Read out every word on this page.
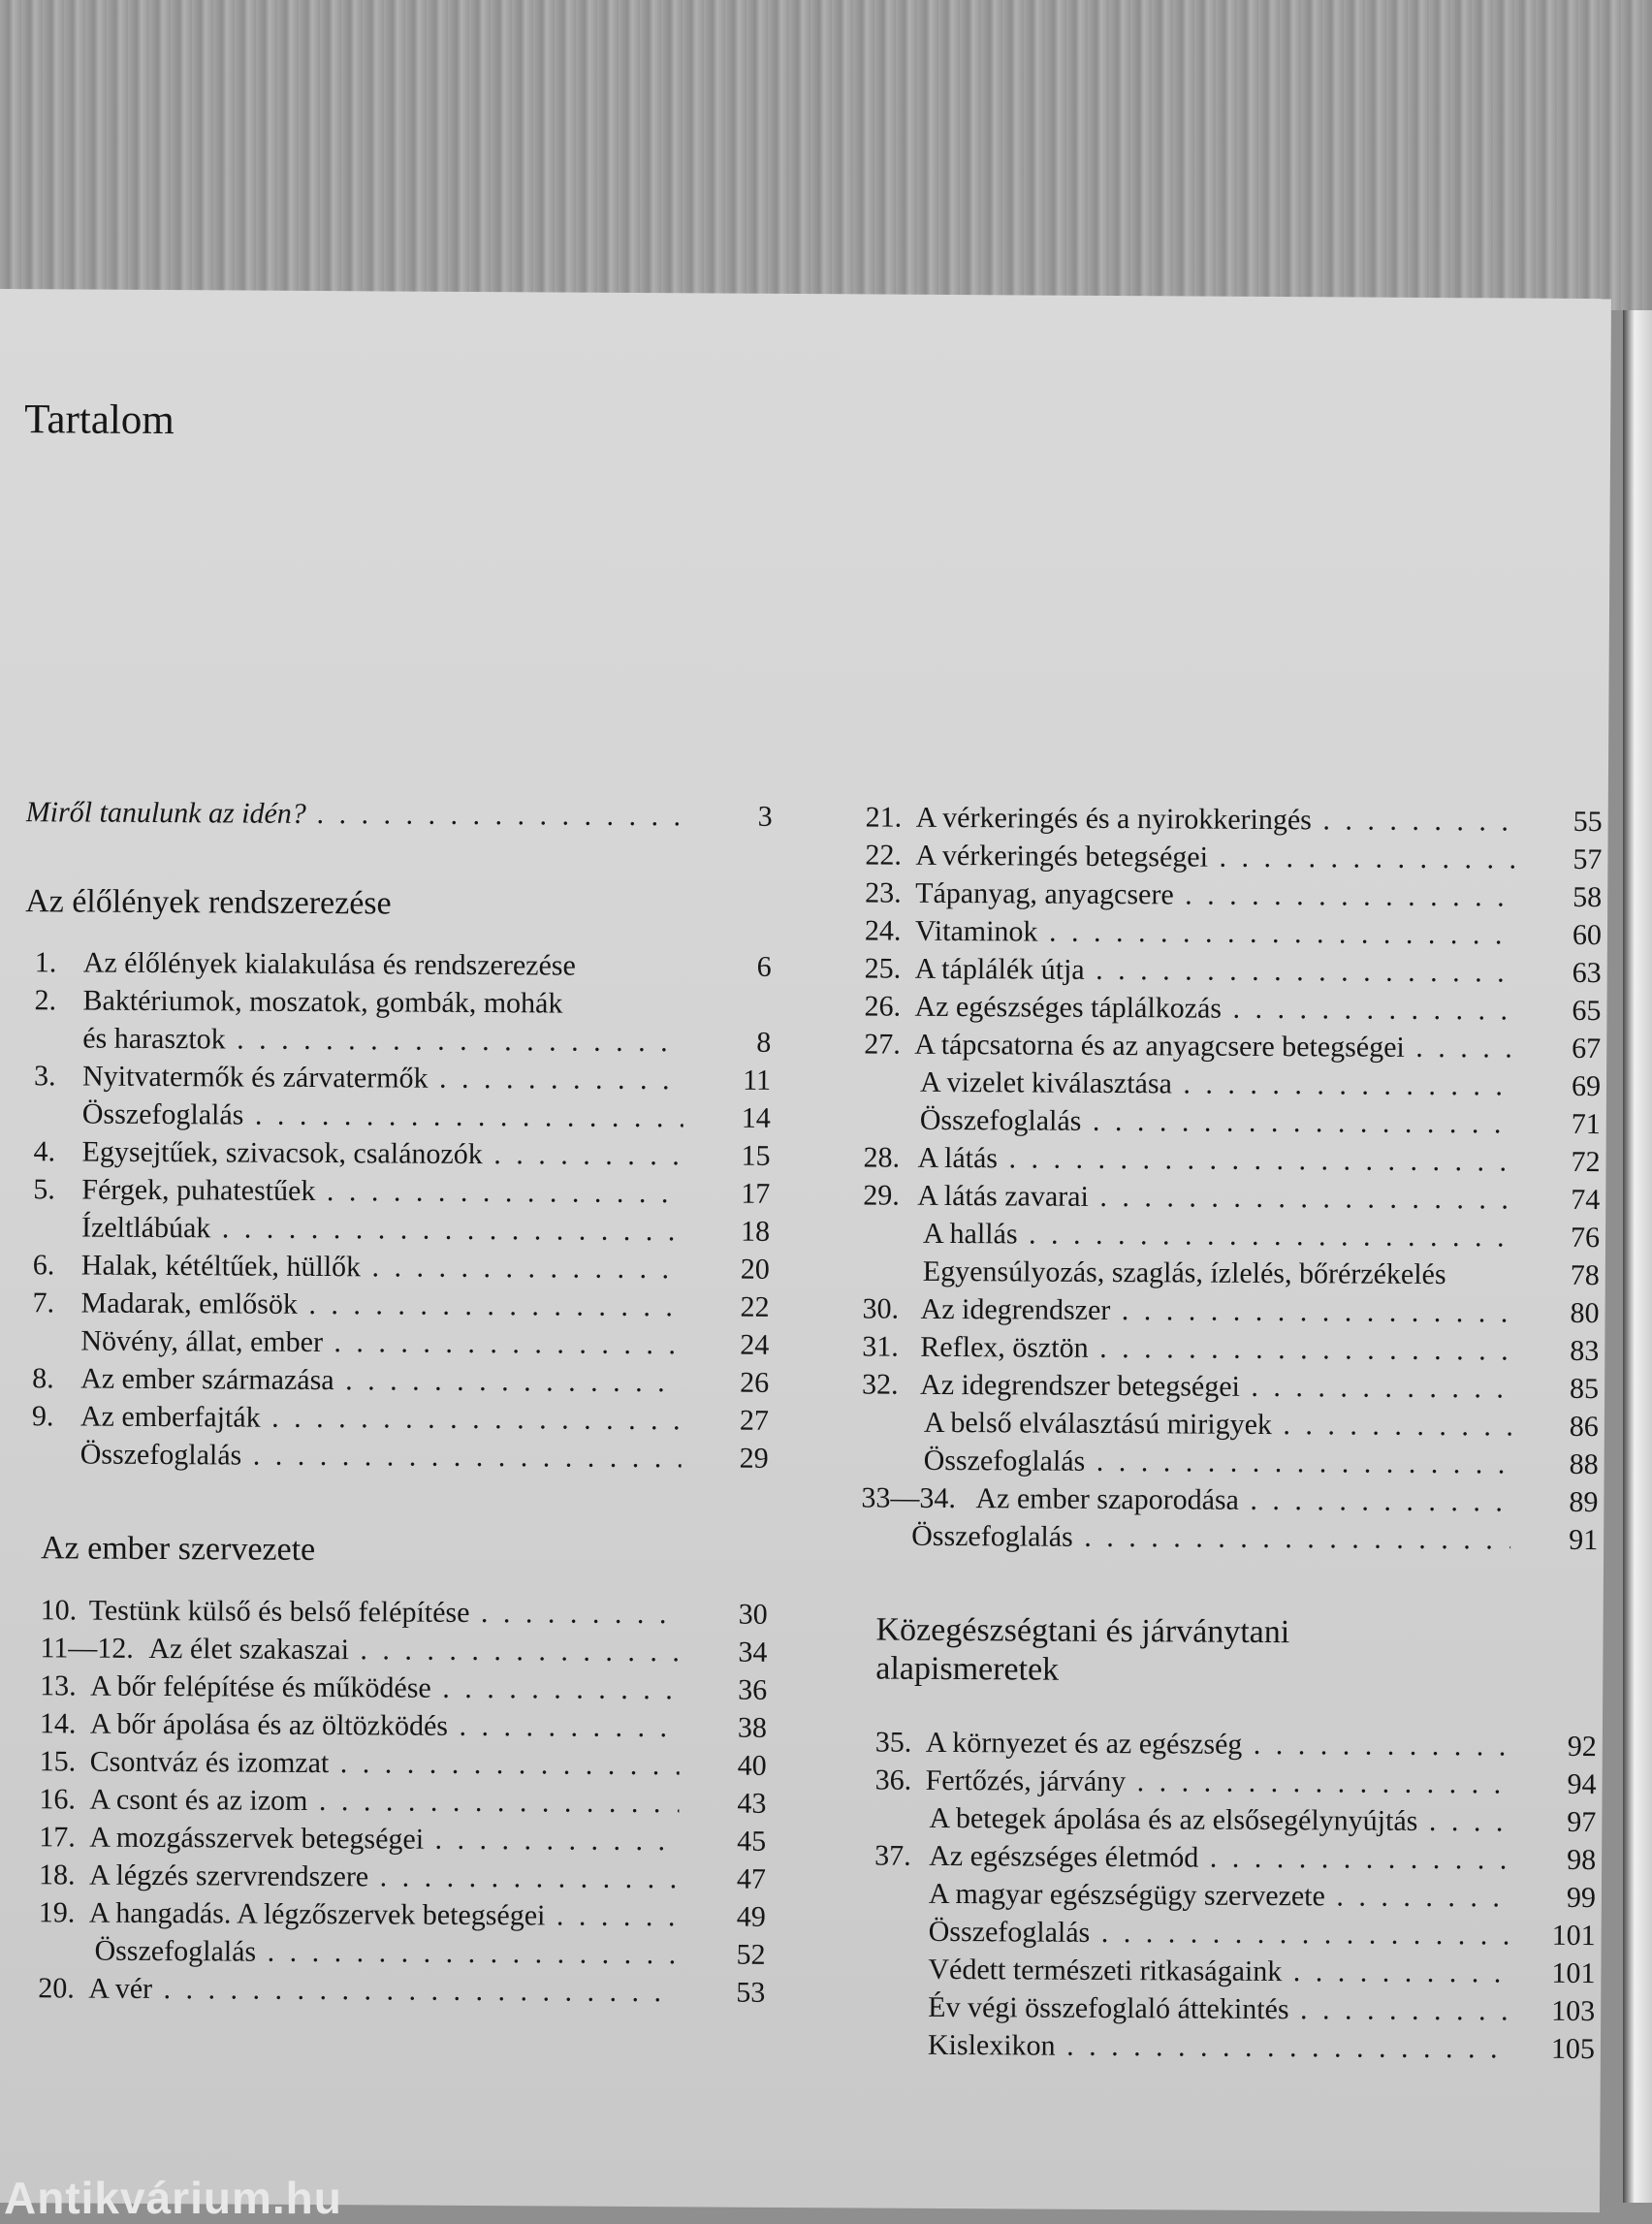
Tartalom
Miről tanulunk az idén? . . .	3
Az élőlények rendszerezése
1. Az élőlények kialakulása és rendszerezése	6
2. Baktériumok, moszatok, gombák, mohák
és harasztok . . .	8
3. Nyitvatermők és zárvatermők . . .	11
Összefoglalás . . .	14
4. Egysejtűek, szivacsok, csalánozók . . .	15
5. Férgek, puhatestűek . . .	17
Ízeltlábúak . . .	18
6. Halak, kétéltűek, hüllők . . .	20
7. Madarak, emlősök . . .	22
Növény, állat, ember . . .	24
8. Az ember származása . . .	26
9. Az emberfajták . . .	27
Összefoglalás . . .	29
Az ember szervezete
10. Testünk külső és belső felépítése . . .	30
11—12. Az élet szakaszai . . .	34
13. A bőr felépítése és működése . . .	36
14. A bőr ápolása és az öltözködés . . .	38
15. Csontváz és izomzat . . .	40
16. A csont és az izom . . .	43
17. A mozgásszervek betegségei . . .	45
18. A légzés szervrendszere . . .	47
19. A hangadás. A légzőszervek betegségei . . .	49
Összefoglalás . . .	52
20. A vér . . .	53
21. A vérkeringés és a nyirokkeringés . . .	55
22. A vérkeringés betegségei . . .	57
23. Tápanyag, anyagcsere . . .	58
24. Vitaminok . . .	60
25. A táplálék útja . . .	63
26. Az egészséges táplálkozás . . .	65
27. A tápcsatorna és az anyagcsere betegségei . . .	67
A vizelet kiválasztása . . .	69
Összefoglalás . . .	71
28. A látás . . .	72
29. A látás zavarai . . .	74
A hallás . . .	76
Egyensúlyozás, szaglás, ízlelés, bőrérzékelés	78
30. Az idegrendszer . . .	80
31. Reflex, ösztön . . .	83
32. Az idegrendszer betegségei . . .	85
A belső elválasztású mirigyek . . .	86
Összefoglalás . . .	88
33—34. Az ember szaporodása . . .	89
Összefoglalás . . .	91
Közegészségtani és járványtani
alapismeretek
35. A környezet és az egészség . . .	92
36. Fertőzés, járvány . . .	94
A betegek ápolása és az elsősegélynyújtás . . .	97
37. Az egészséges életmód . . .	98
A magyar egészségügy szervezete . . .	99
Összefoglalás . . .	101
Védett természeti ritkaságaink . . .	101
Év végi összefoglaló áttekintés . . .	103
Kislexikon . . .	105
Antikvárium.hu
